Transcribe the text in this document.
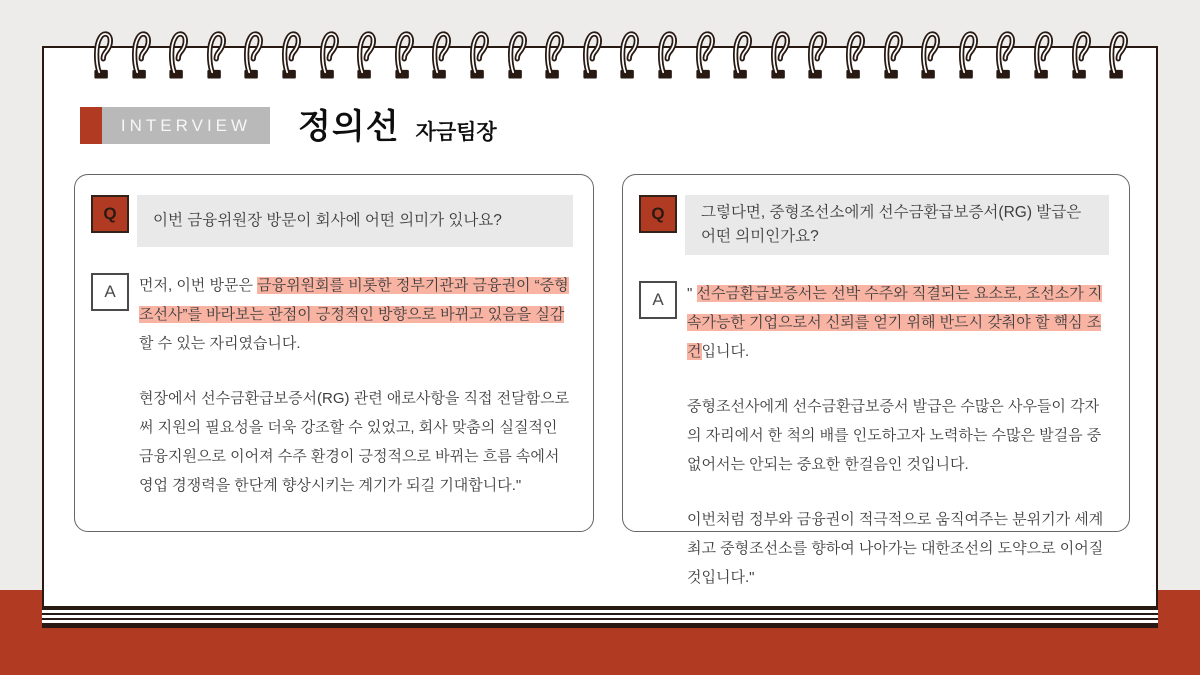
INTERVIEW	정의선 자금팀장
Q	이번 금융위원장 방문이 회사에 어떤 의미가 있나요?
A	먼저, 이번 방문은 금융위원회를 비롯한 정부기관과 금융권이 “중형조선사”를 바라보는 관점이 긍정적인 방향으로 바뀌고 있음을 실감할 수 있는 자리였습니다.

현장에서 선수금환급보증서(RG) 관련 애로사항을 직접 전달함으로써 지원의 필요성을 더욱 강조할 수 있었고, 회사 맞춤의 실질적인 금융지원으로 이어져 수주 환경이 긍정적으로 바뀌는 흐름 속에서 영업 경쟁력을 한단계 향상시키는 계기가 되길 기대합니다."

Q	그렇다면, 중형조선소에게 선수금환급보증서(RG) 발급은 어떤 의미인가요?
A	" 선수금환급보증서는 선박 수주와 직결되는 요소로, 조선소가 지속가능한 기업으로서 신뢰를 얻기 위해 반드시 갖춰야 할 핵심 조건입니다.

중형조선사에게 선수금환급보증서 발급은 수많은 사우들이 각자의 자리에서 한 척의 배를 인도하고자 노력하는 수많은 발걸음 중 없어서는 안되는 중요한 한걸음인 것입니다.

이번처럼 정부와 금융권이 적극적으로 움직여주는 분위기가 세계 최고 중형조선소를 향하여 나아가는 대한조선의 도약으로 이어질 것입니다."
